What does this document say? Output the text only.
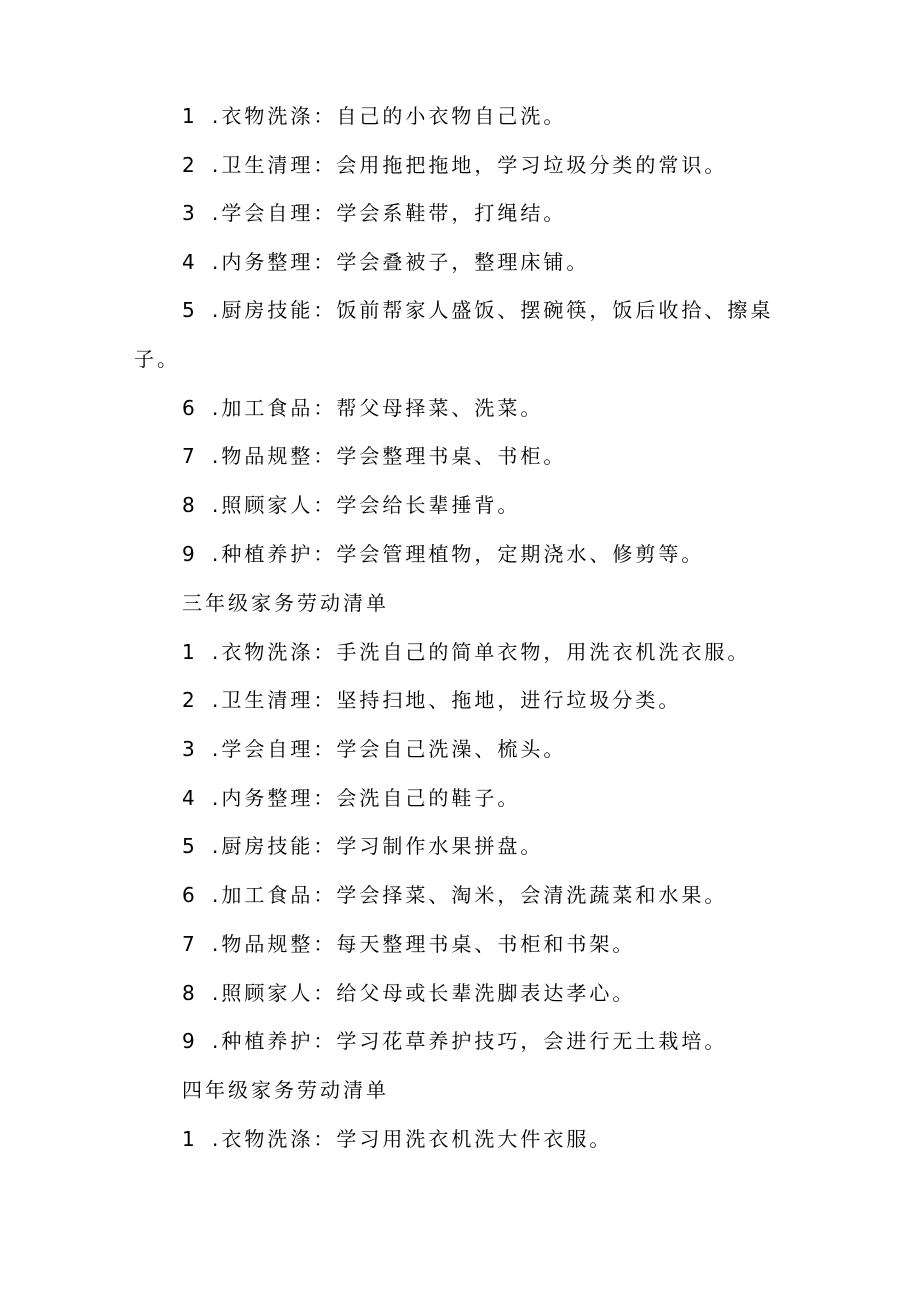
1 .衣物洗涤：自己的小衣物自己洗。
2 .卫生清理：会用拖把拖地，学习垃圾分类的常识。
3 .学会自理：学会系鞋带，打绳结。
4 .内务整理：学会叠被子，整理床铺。
5 .厨房技能：饭前帮家人盛饭、摆碗筷，饭后收拾、擦桌
子。
6 .加工食品：帮父母择菜、洗菜。
7 .物品规整：学会整理书桌、书柜。
8 .照顾家人：学会给长辈捶背。
9 .种植养护：学会管理植物，定期浇水、修剪等。
三年级家务劳动清单
1 .衣物洗涤：手洗自己的简单衣物，用洗衣机洗衣服。
2 .卫生清理：坚持扫地、拖地，进行垃圾分类。
3 .学会自理：学会自己洗澡、梳头。
4 .内务整理：会洗自己的鞋子。
5 .厨房技能：学习制作水果拼盘。
6 .加工食品：学会择菜、淘米，会清洗蔬菜和水果。
7 .物品规整：每天整理书桌、书柜和书架。
8 .照顾家人：给父母或长辈洗脚表达孝心。
9 .种植养护：学习花草养护技巧，会进行无土栽培。
四年级家务劳动清单
1 .衣物洗涤：学习用洗衣机洗大件衣服。
